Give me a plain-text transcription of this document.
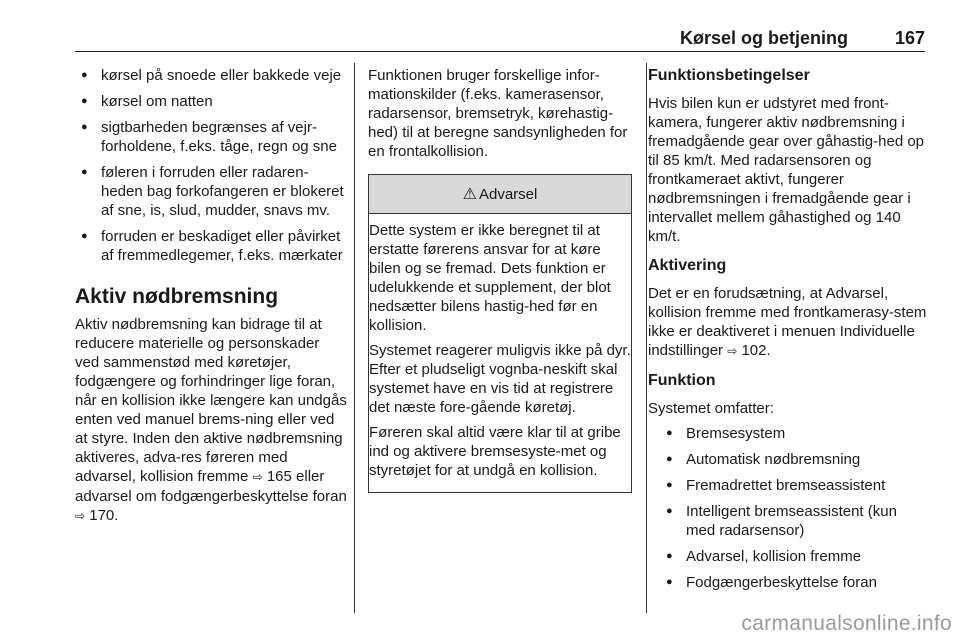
Kørsel og betjening	167
● kørsel på snoede eller bakkede veje
● kørsel om natten
● sigtbarheden begrænses af vejr-forholdene, f.eks. tåge, regn og sne
● føleren i forruden eller radaren-heden bag forkofangeren er blokeret af sne, is, slud, mudder, snavs mv.
● forruden er beskadiget eller påvirket af fremmedlegemer, f.eks. mærkater
Aktiv nødbremsning

Aktiv nødbremsning kan bidrage til at reducere materielle og personskader ved sammenstød med køretøjer, fodgængere og forhindringer lige foran, når en kollision ikke længere kan undgås enten ved manuel brems-ning eller ved at styre. Inden den aktive nødbremsning aktiveres, adva-res føreren med advarsel, kollision fremme ⇨ 165 eller advarsel om fodgængerbeskyttelse foran ⇨ 170.

Funktionen bruger forskellige infor-mationskilder (f.eks. kamerasensor, radarsensor, bremsetryk, kørehastig-hed) til at beregne sandsynligheden for en frontalkollision.

⚠ Advarsel

Dette system er ikke beregnet til at erstatte førerens ansvar for at køre bilen og se fremad. Dets funktion er udelukkende et supplement, der blot nedsætter bilens hastig-hed før en kollision.

Systemet reagerer muligvis ikke på dyr. Efter et pludseligt vognba-neskift skal systemet have en vis tid at registrere det næste fore-gående køretøj.

Føreren skal altid være klar til at gribe ind og aktivere bremsesyste-met og styretøjet for at undgå en kollision.

Funktionsbetingelser

Hvis bilen kun er udstyret med front-kamera, fungerer aktiv nødbremsning i fremadgående gear over gåhastig-hed op til 85 km/t. Med radarsensoren og frontkameraet aktivt, fungerer nødbremsningen i fremadgående gear i intervallet mellem gåhastighed og 140 km/t.

Aktivering

Det er en forudsætning, at Advarsel, kollision fremme med frontkamerasy-stem ikke er deaktiveret i menuen Individuelle indstillinger ⇨ 102.

Funktion

Systemet omfatter:

● Bremsesystem
● Automatisk nødbremsning
● Fremadrettet bremseassistent
● Intelligent bremseassistent (kun med radarsensor)
● Advarsel, kollision fremme
● Fodgængerbeskyttelse foran
carmanualsonline.info
